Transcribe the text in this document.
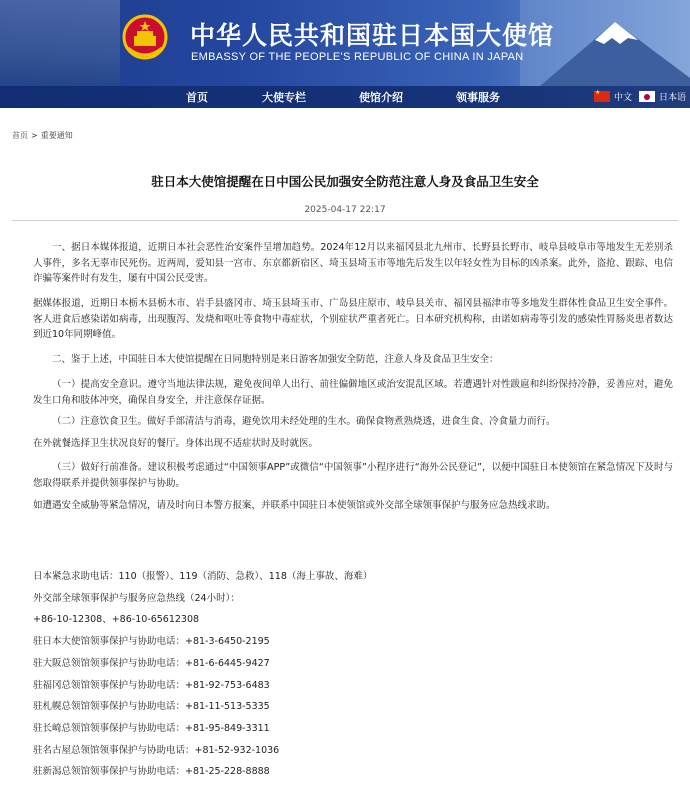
中华人民共和国驻日本国大使馆
EMBASSY OF THE PEOPLE'S REPUBLIC OF CHINA IN JAPAN
首页	大使专栏	使馆介绍	领事服务
★	中文	日本语
首页 > 重要通知
驻日本大使馆提醒在日中国公民加强安全防范注意人身及食品卫生安全
2025-04-17 22:17

一、据日本媒体报道，近期日本社会恶性治安案件呈增加趋势。2024年12月以来福冈县北九州市、长野县长野市、岐阜县岐阜市等地发生无差别杀人事件，多名无辜市民死伤。近两周，爱知县一宫市、东京都新宿区、埼玉县埼玉市等地先后发生以年轻女性为目标的凶杀案。此外，盗抢、跟踪、电信诈骗等案件时有发生，屡有中国公民受害。

据媒体报道，近期日本栃木县栃木市、岩手县盛冈市、埼玉县埼玉市、广岛县庄原市、岐阜县关市、福冈县福津市等多地发生群体性食品卫生安全事件。客人进食后感染诺如病毒，出现腹泻、发烧和呕吐等食物中毒症状，个别症状严重者死亡。日本研究机构称，由诺如病毒等引发的感染性胃肠炎患者数达到近10年同期峰值。

二、鉴于上述，中国驻日本大使馆提醒在日同胞特别是来日游客加强安全防范，注意人身及食品卫生安全：

（一）提高安全意识。遵守当地法律法规，避免夜间单人出行、前往偏僻地区或治安混乱区域。若遭遇针对性跋扈和纠纷保持冷静，妥善应对，避免发生口角和肢体冲突，确保自身安全，并注意保存证据。

（二）注意饮食卫生。做好手部清洁与消毒，避免饮用未经处理的生水。确保食物煮熟烧透，进食生食、冷食量力而行。

在外就餐选择卫生状况良好的餐厅。身体出现不适症状时及时就医。

（三）做好行前准备。建议积极考虑通过“中国领事APP”或微信“中国领事”小程序进行“海外公民登记”，以便中国驻日本使领馆在紧急情况下及时与您取得联系并提供领事保护与协助。

如遭遇安全威胁等紧急情况，请及时向日本警方报案，并联系中国驻日本使领馆或外交部全球领事保护与服务应急热线求助。

日本紧急求助电话：110（报警）、119（消防、急救）、118（海上事故、海难）
外交部全球领事保护与服务应急热线（24小时）：
+86-10-12308、+86-10-65612308
驻日本大使馆领事保护与协助电话：+81-3-6450-2195
驻大阪总领馆领事保护与协助电话：+81-6-6445-9427
驻福冈总领馆领事保护与协助电话：+81-92-753-6483
驻札幌总领馆领事保护与协助电话：+81-11-513-5335
驻长崎总领馆领事保护与协助电话：+81-95-849-3311
驻名古屋总领馆领事保护与协助电话：+81-52-932-1036
驻新潟总领馆领事保护与协助电话：+81-25-228-8888
